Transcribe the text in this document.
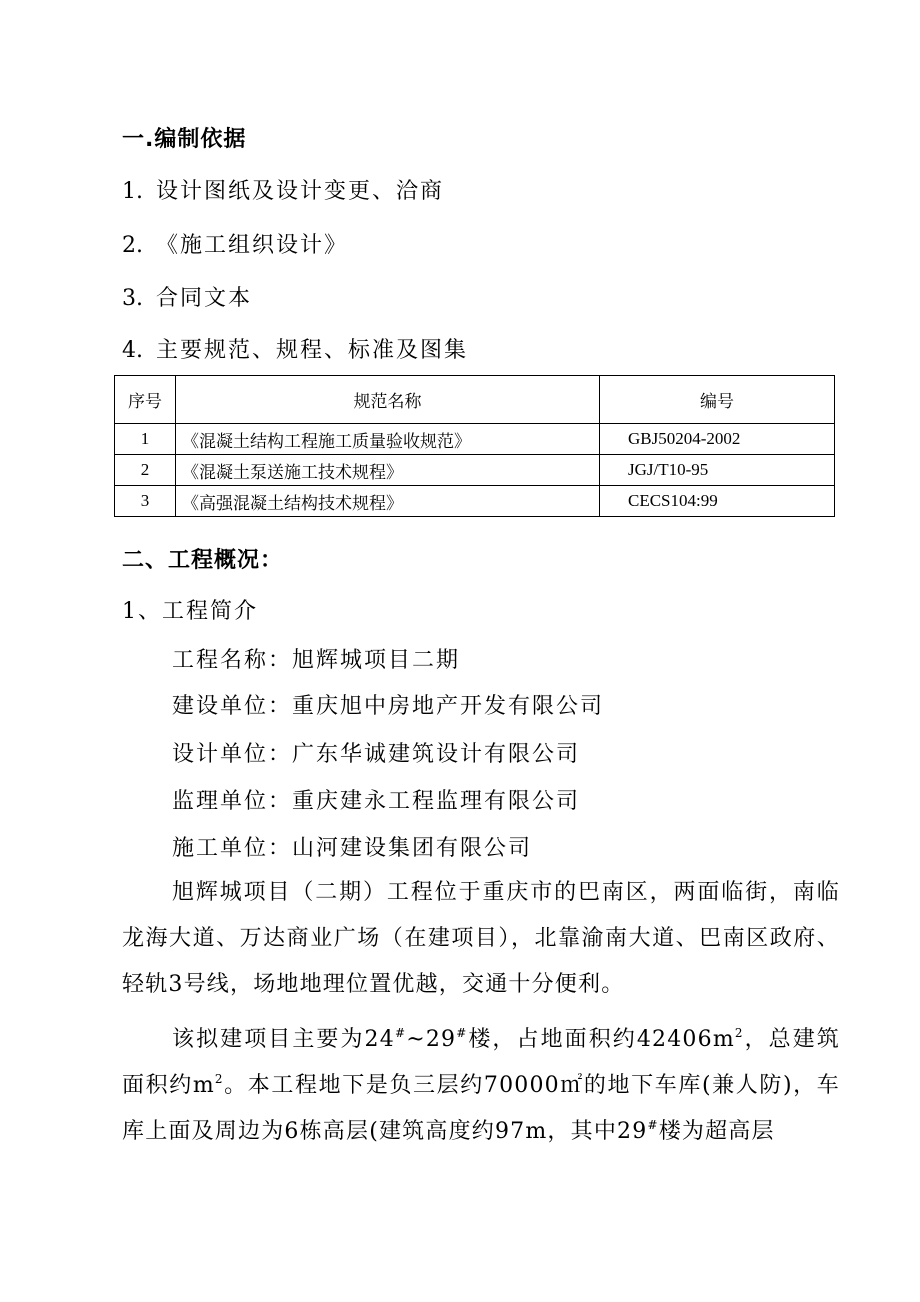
一.编制依据
1. 设计图纸及设计变更、洽商
2. 《施工组织设计》
3. 合同文本
4. 主要规范、规程、标准及图集
序号	规范名称	编号
1	《混凝土结构工程施工质量验收规范》	GBJ50204-2002
2	《混凝土泵送施工技术规程》	JGJ/T10-95
3	《高强混凝土结构技术规程》	CECS104:99
二、工程概况：
1、工程简介
工程名称：旭辉城项目二期
建设单位：重庆旭中房地产开发有限公司
设计单位：广东华诚建筑设计有限公司
监理单位：重庆建永工程监理有限公司
施工单位：山河建设集团有限公司
旭辉城项目（二期）工程位于重庆市的巴南区，两面临街，南临龙海大道、万达商业广场（在建项目），北靠渝南大道、巴南区政府、轻轨3号线，场地地理位置优越，交通十分便利。
该拟建项目主要为24#~29#楼，占地面积约$42406m^2$，总建筑面积约$m^2$。本工程地下是负三层约70000㎡的地下车库(兼人防)，车库上面及周边为6栋高层(建筑高度约97m，其中29#楼为超高层
